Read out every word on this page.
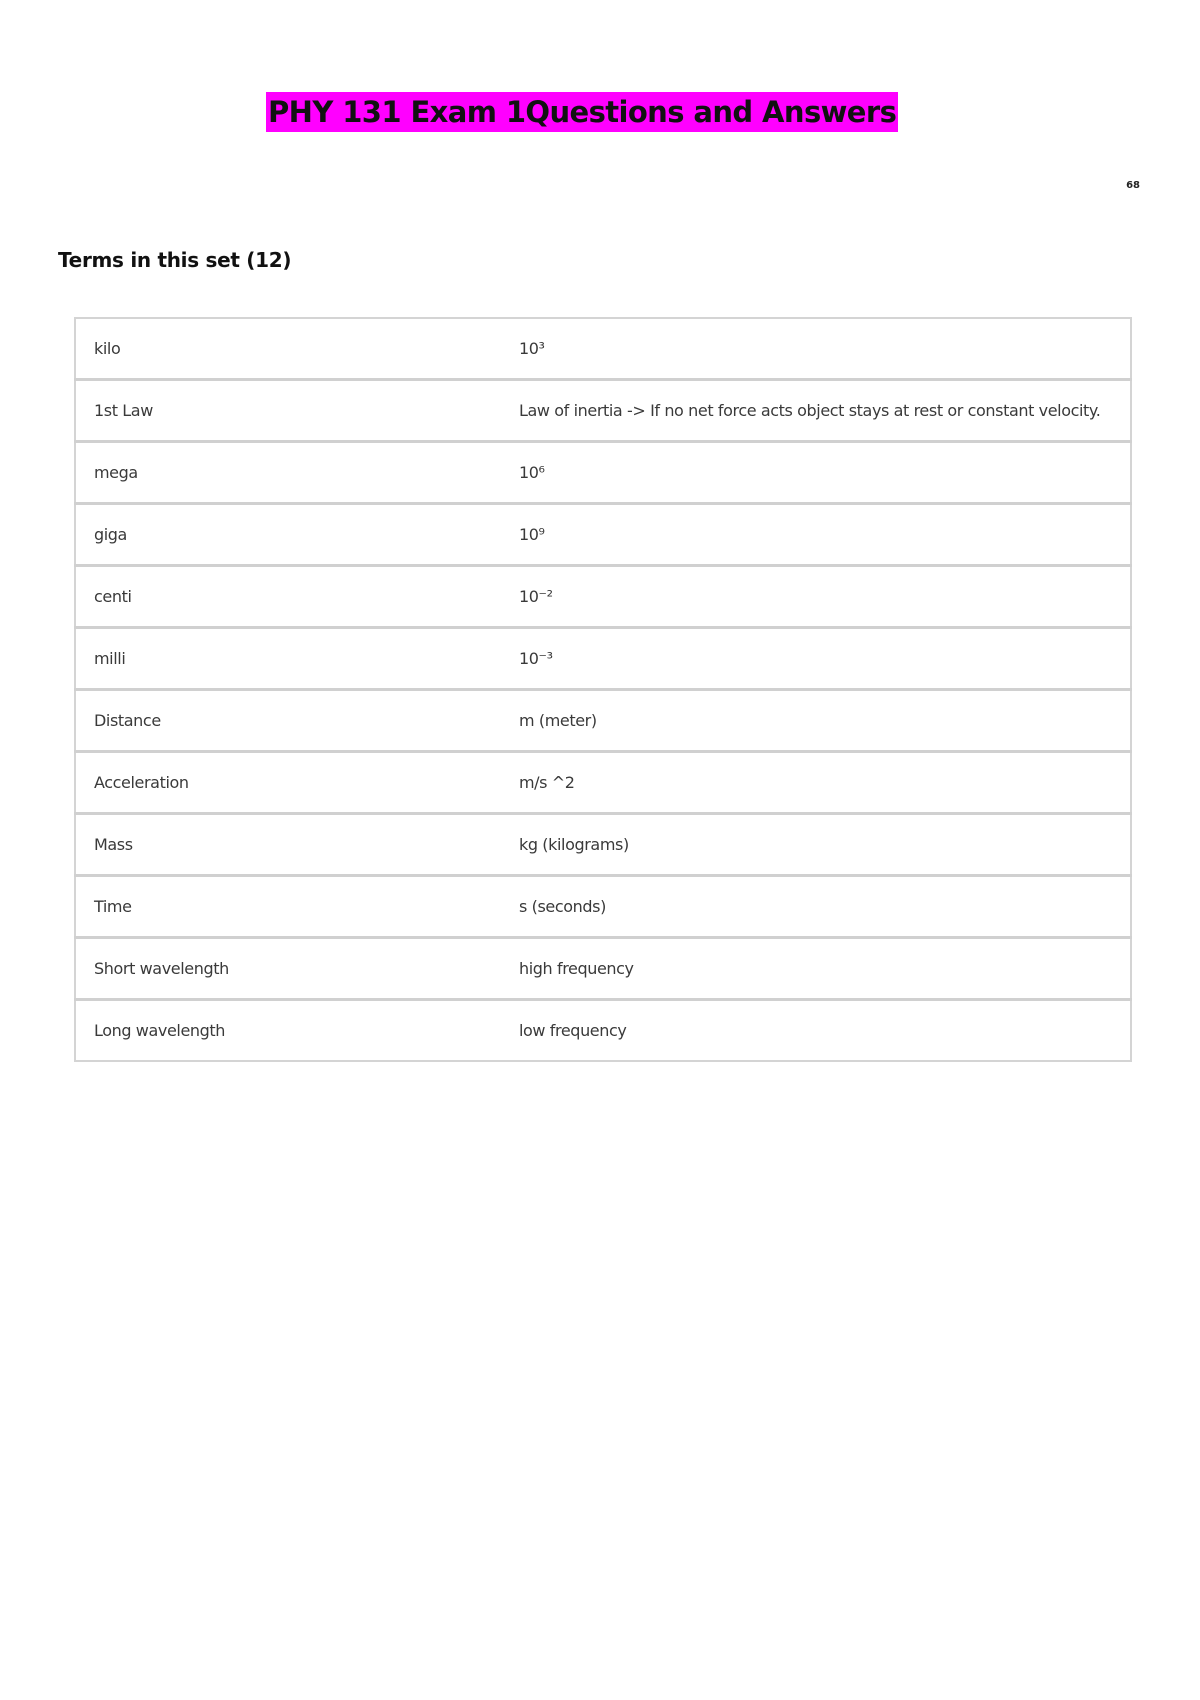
PHY 131 Exam 1Questions and Answers
68
Terms in this set (12)
kilo	10³
1st Law	Law of inertia -> If no net force acts object stays at rest or constant velocity.
mega	10⁶
giga	10⁹
centi	10⁻²
milli	10⁻³
Distance	m (meter)
Acceleration	m/s ^2
Mass	kg (kilograms)
Time	s (seconds)
Short wavelength	high frequency
Long wavelength	low frequency
